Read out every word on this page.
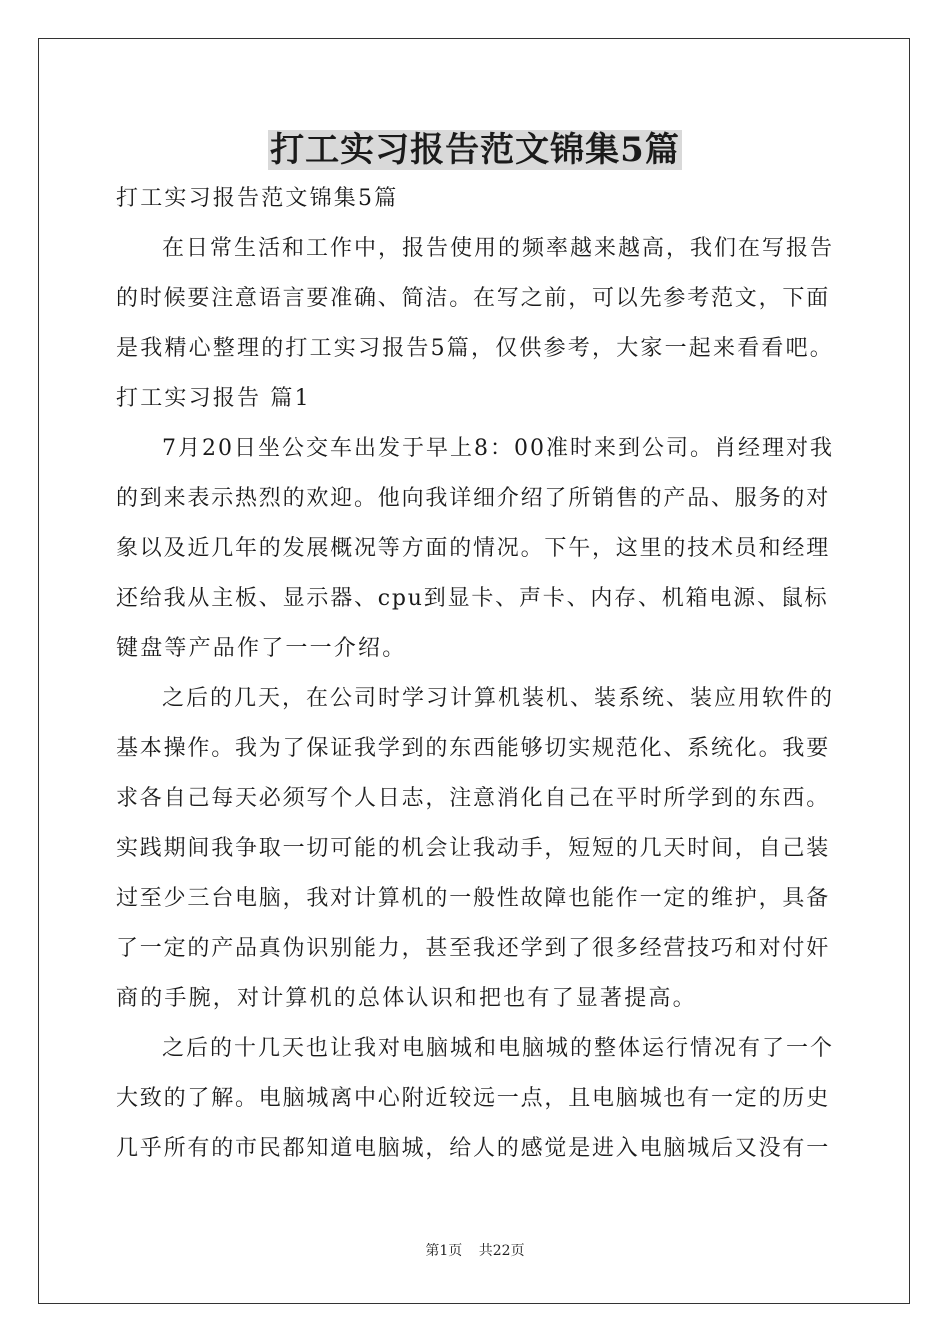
打工实习报告范文锦集5篇
打工实习报告范文锦集5篇
在日常生活和工作中，报告使用的频率越来越高，我们在写报告
的时候要注意语言要准确、简洁。在写之前，可以先参考范文，下面
是我精心整理的打工实习报告5篇，仅供参考，大家一起来看看吧。
打工实习报告 篇1
7月20日坐公交车出发于早上8：00准时来到公司。肖经理对我
的到来表示热烈的欢迎。他向我详细介绍了所销售的产品、服务的对
象以及近几年的发展概况等方面的情况。下午，这里的技术员和经理
还给我从主板、显示器、cpu到显卡、声卡、内存、机箱电源、鼠标
键盘等产品作了一一介绍。
之后的几天，在公司时学习计算机装机、装系统、装应用软件的
基本操作。我为了保证我学到的东西能够切实规范化、系统化。我要
求各自己每天必须写个人日志，注意消化自己在平时所学到的东西。
实践期间我争取一切可能的机会让我动手，短短的几天时间，自己装
过至少三台电脑，我对计算机的一般性故障也能作一定的维护，具备
了一定的产品真伪识别能力，甚至我还学到了很多经营技巧和对付奸
商的手腕，对计算机的总体认识和把也有了显著提高。
之后的十几天也让我对电脑城和电脑城的整体运行情况有了一个
大致的了解。电脑城离中心附近较远一点，且电脑城也有一定的历史
几乎所有的市民都知道电脑城，给人的感觉是进入电脑城后又没有一
第1页 共22页
